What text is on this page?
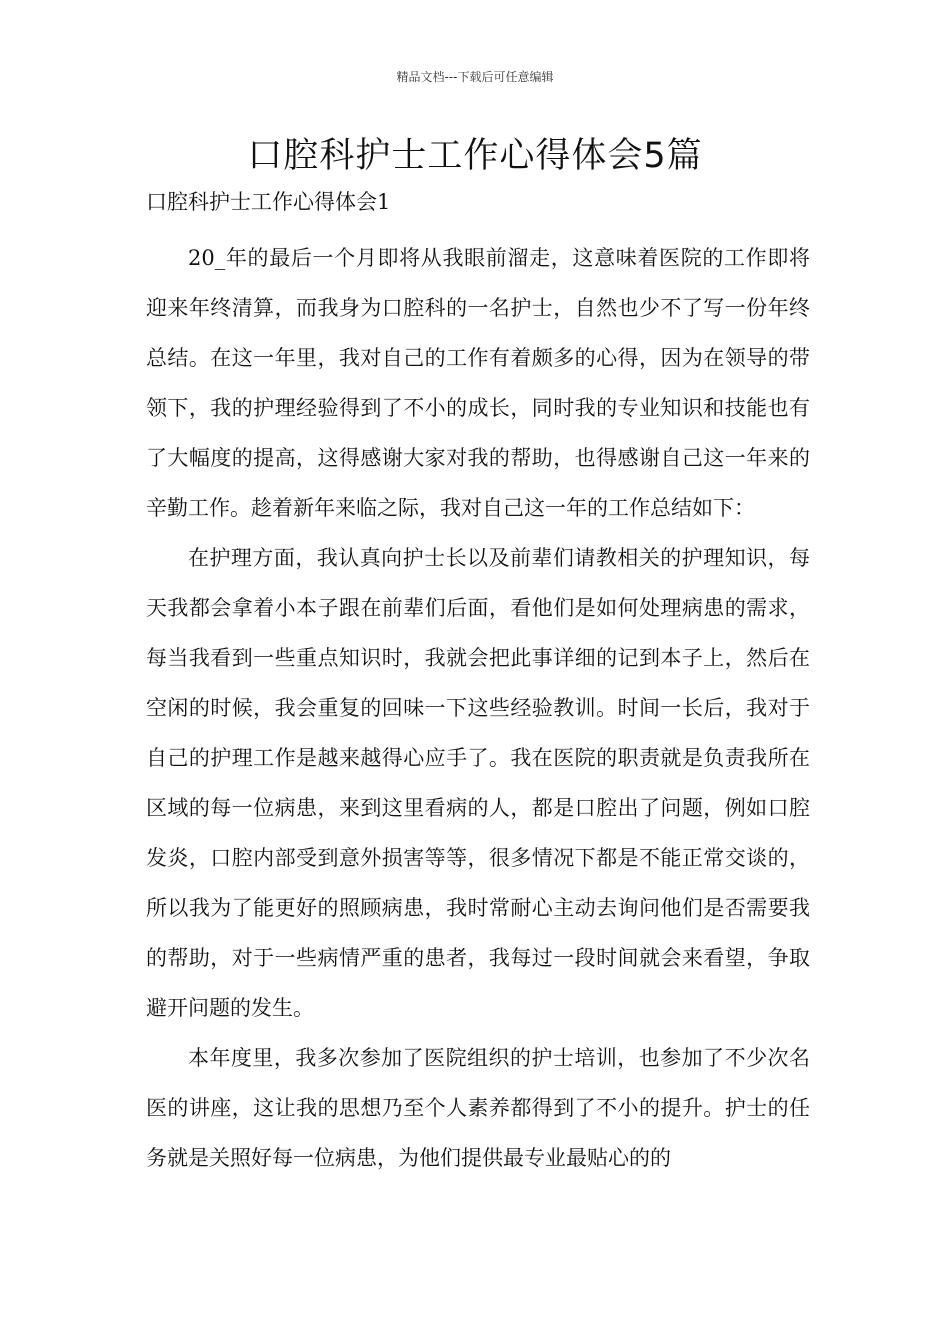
精品文档---下载后可任意编辑
口腔科护士工作心得体会5篇

口腔科护士工作心得体会1

20_年的最后一个月即将从我眼前溜走，这意味着医院的工作即将迎来年终清算，而我身为口腔科的一名护士，自然也少不了写一份年终总结。在这一年里，我对自己的工作有着颇多的心得，因为在领导的带领下，我的护理经验得到了不小的成长，同时我的专业知识和技能也有了大幅度的提高，这得感谢大家对我的帮助，也得感谢自己这一年来的辛勤工作。趁着新年来临之际，我对自己这一年的工作总结如下：

在护理方面，我认真向护士长以及前辈们请教相关的护理知识，每天我都会拿着小本子跟在前辈们后面，看他们是如何处理病患的需求，每当我看到一些重点知识时，我就会把此事详细的记到本子上，然后在空闲的时候，我会重复的回味一下这些经验教训。时间一长后，我对于自己的护理工作是越来越得心应手了。我在医院的职责就是负责我所在区域的每一位病患，来到这里看病的人，都是口腔出了问题，例如口腔发炎，口腔内部受到意外损害等等，很多情况下都是不能正常交谈的，所以我为了能更好的照顾病患，我时常耐心主动去询问他们是否需要我的帮助，对于一些病情严重的患者，我每过一段时间就会来看望，争取避开问题的发生。

本年度里，我多次参加了医院组织的护士培训，也参加了不少次名医的讲座，这让我的思想乃至个人素养都得到了不小的提升。护士的任务就是关照好每一位病患，为他们提供最专业最贴心的的
